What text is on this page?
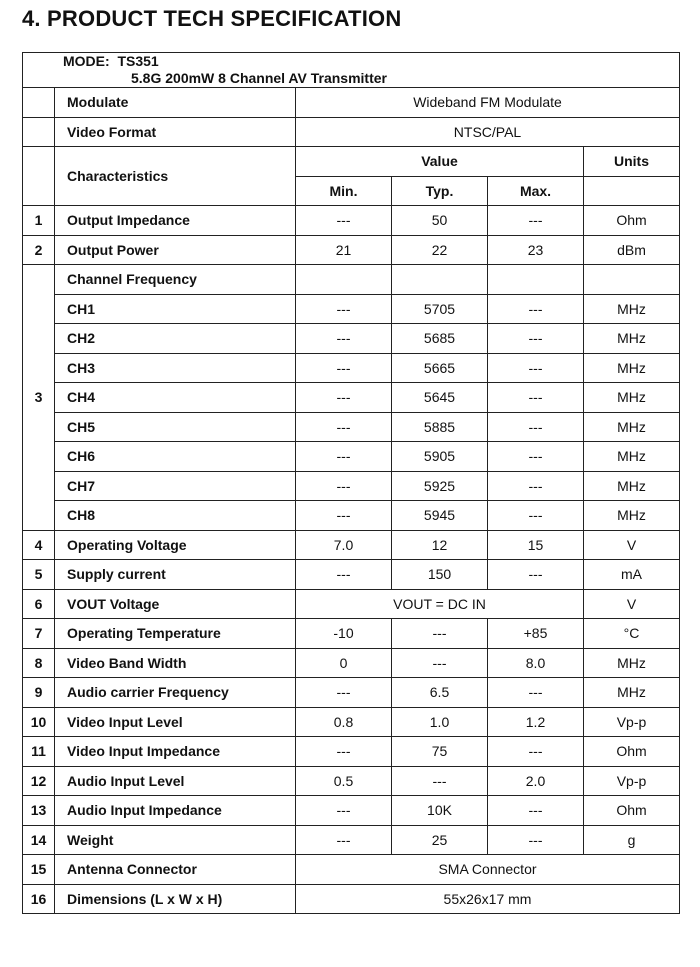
4. PRODUCT TECH SPECIFICATION
MODE: TS351
5.8G 200mW 8 Channel AV Transmitter					

	Modulate	Wideband FM Modulate			
	Video Format	NTSC/PAL			
	Characteristics	Value			Units
		Min.	Typ.	Max.	
1	Output Impedance	---	50	---	Ohm
2	Output Power	21	22	23	dBm
3	Channel Frequency				
	CH1	---	5705	---	MHz
	CH2	---	5685	---	MHz
	CH3	---	5665	---	MHz
	CH4	---	5645	---	MHz
	CH5	---	5885	---	MHz
	CH6	---	5905	---	MHz
	CH7	---	5925	---	MHz
	CH8	---	5945	---	MHz
4	Operating Voltage	7.0	12	15	V
5	Supply current	---	150	---	mA
6	VOUT Voltage	VOUT = DC IN			V
7	Operating Temperature	-10	---	+85	°C
8	Video Band Width	0	---	8.0	MHz
9	Audio carrier Frequency	---	6.5	---	MHz
10	Video Input Level	0.8	1.0	1.2	Vp-p
11	Video Input Impedance	---	75	---	Ohm
12	Audio Input Level	0.5	---	2.0	Vp-p
13	Audio Input Impedance	---	10K	---	Ohm
14	Weight	---	25	---	g
15	Antenna Connector	SMA Connector			
16	Dimensions (L x W x H)	55x26x17 mm			
